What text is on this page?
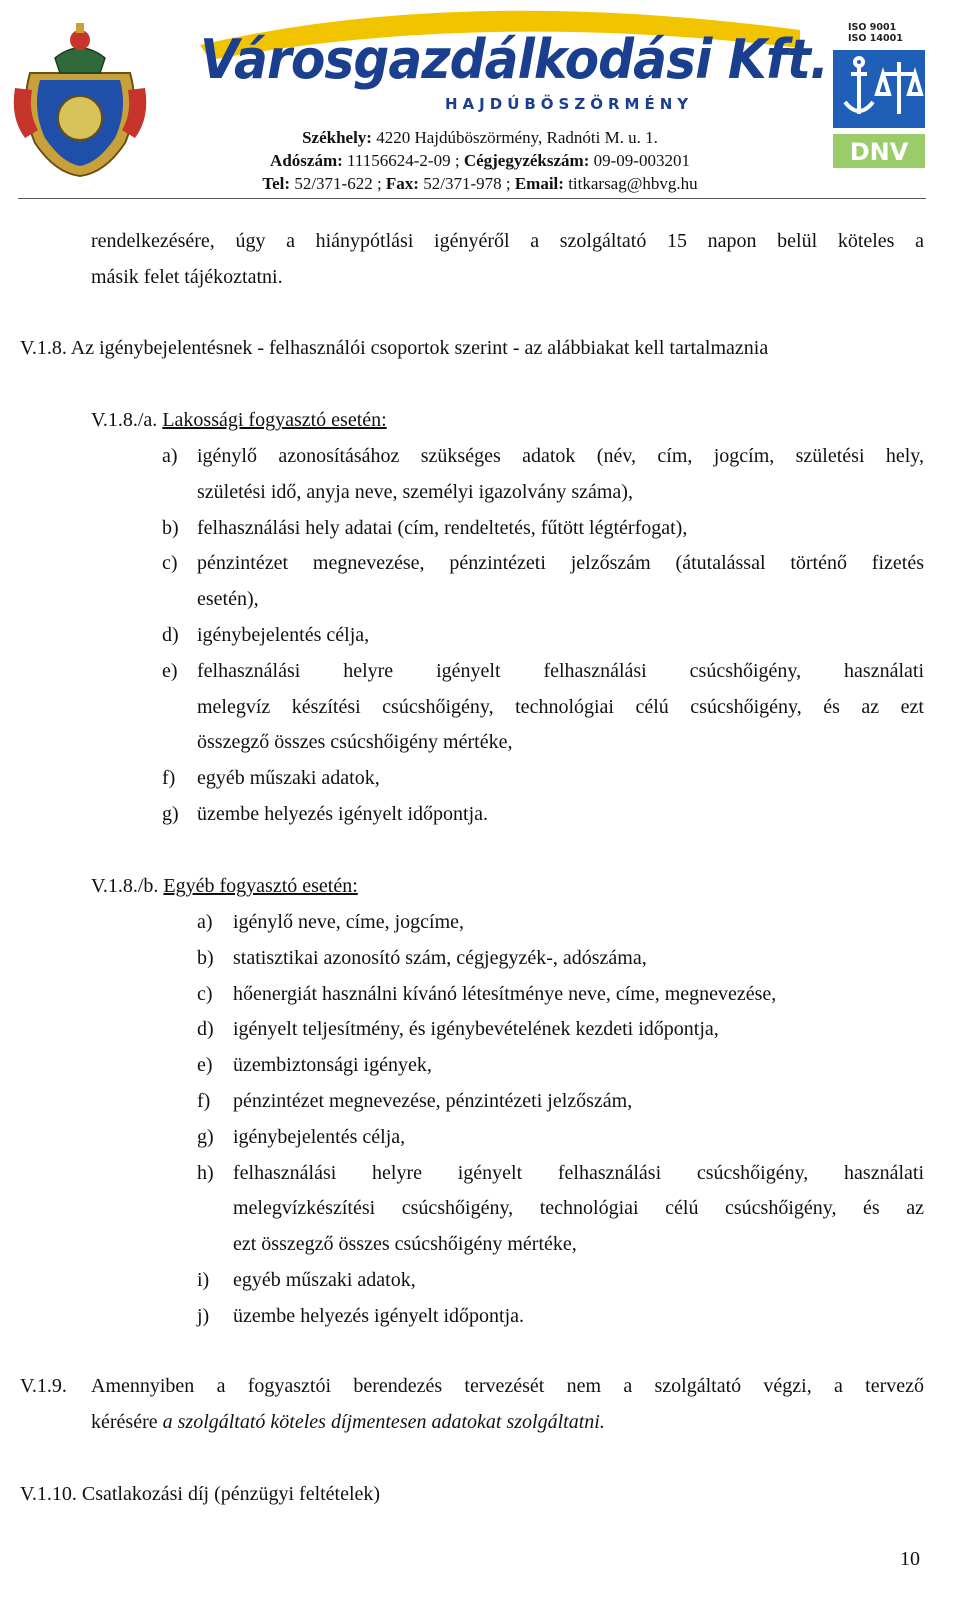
Városgazdálkodási Kft.
HAJDÚBÖSZÖRMÉNY
ISO 9001
ISO 14001
DNV
Székhely: 4220 Hajdúböszörmény, Radnóti M. u. 1.
Adószám: 11156624-2-09 ; Cégjegyzékszám: 09-09-003201
Tel: 52/371-622 ; Fax: 52/371-978 ; Email: titkarsag@hbvg.hu
rendelkezésére, úgy a hiánypótlási igényéről a szolgáltató 15 napon belül köteles a
másik felet tájékoztatni.
V.1.8. Az igénybejelentésnek - felhasználói csoportok szerint - az alábbiakat kell tartalmaznia
V.1.8./a. Lakossági fogyasztó esetén:
a) igénylő azonosításához szükséges adatok (név, cím, jogcím, születési hely,
születési idő, anyja neve, személyi igazolvány száma),
b) felhasználási hely adatai (cím, rendeltetés, fűtött légtérfogat),
c) pénzintézet megnevezése, pénzintézeti jelzőszám (átutalással történő fizetés
esetén),
d) igénybejelentés célja,
e) felhasználási helyre igényelt felhasználási csúcshőigény, használati
melegvíz készítési csúcshőigény, technológiai célú csúcshőigény, és az ezt
összegző összes csúcshőigény mértéke,
f) egyéb műszaki adatok,
g) üzembe helyezés igényelt időpontja.
V.1.8./b. Egyéb fogyasztó esetén:
a) igénylő neve, címe, jogcíme,
b) statisztikai azonosító szám, cégjegyzék-, adószáma,
c) hőenergiát használni kívánó létesítménye neve, címe, megnevezése,
d) igényelt teljesítmény, és igénybevételének kezdeti időpontja,
e) üzembiztonsági igények,
f) pénzintézet megnevezése, pénzintézeti jelzőszám,
g) igénybejelentés célja,
h) felhasználási helyre igényelt felhasználási csúcshőigény, használati
melegvízkészítési csúcshőigény, technológiai célú csúcshőigény, és az
ezt összegző összes csúcshőigény mértéke,
i) egyéb műszaki adatok,
j) üzembe helyezés igényelt időpontja.
V.1.9. Amennyiben a fogyasztói berendezés tervezését nem a szolgáltató végzi, a tervező
kérésére a szolgáltató köteles díjmentesen adatokat szolgáltatni.
V.1.10. Csatlakozási díj (pénzügyi feltételek)
10
